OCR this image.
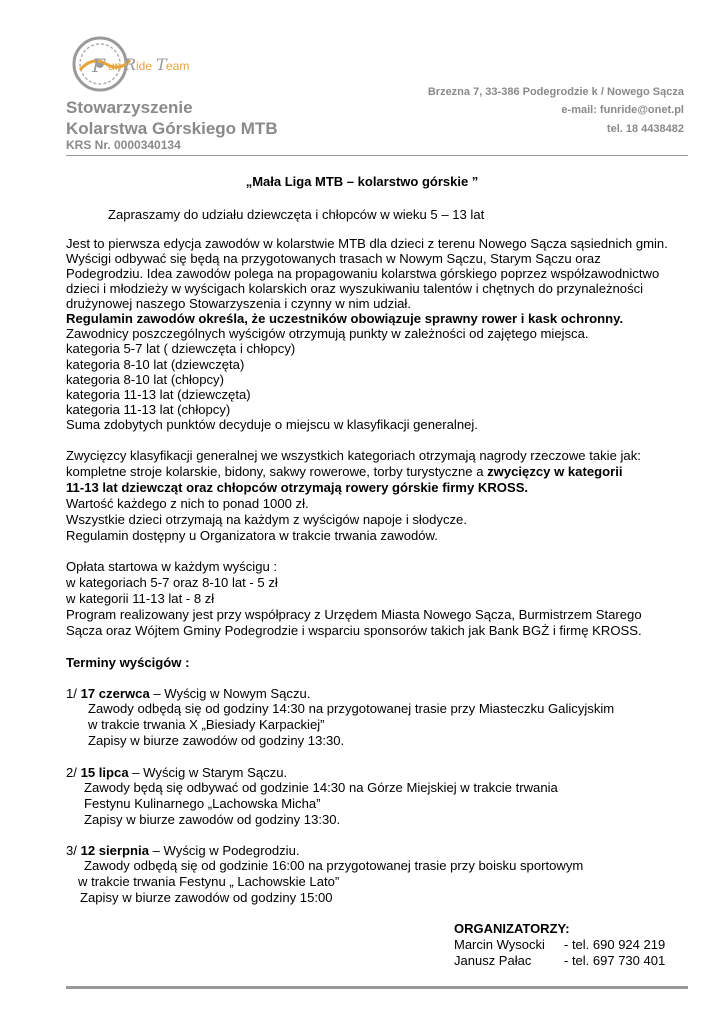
F un R ide T eam
Brzezna 7, 33-386 Podegrodzie k / Nowego Sącza
e-mail: funride@onet.pl
tel. 18 4438482
Stowarzyszenie
Kolarstwa Górskiego MTB
KRS Nr. 0000340134
„Mała Liga MTB – kolarstwo górskie ”
Zapraszamy do udziału dziewczęta i chłopców w wieku 5 – 13 lat
Jest to pierwsza edycja zawodów w kolarstwie MTB dla dzieci z terenu Nowego Sącza sąsiednich gmin.
Wyścigi odbywać się będą na przygotowanych trasach w Nowym Sączu, Starym Sączu oraz
Podegrodziu. Idea zawodów polega na propagowaniu kolarstwa górskiego poprzez współzawodnictwo
dzieci i młodzieży w wyścigach kolarskich oraz wyszukiwaniu talentów i chętnych do przynależności
drużynowej naszego Stowarzyszenia i czynny w nim udział.
Regulamin zawodów określa, że uczestników obowiązuje sprawny rower i kask ochronny.
Zawodnicy poszczególnych wyścigów otrzymują punkty w zależności od zajętego miejsca.
kategoria 5-7 lat ( dziewczęta i chłopcy)
kategoria 8-10 lat (dziewczęta)
kategoria 8-10 lat (chłopcy)
kategoria 11-13 lat (dziewczęta)
kategoria 11-13 lat (chłopcy)
Suma zdobytych punktów decyduje o miejscu w klasyfikacji generalnej.
Zwycięzcy klasyfikacji generalnej we wszystkich kategoriach otrzymają nagrody rzeczowe takie jak:
kompletne stroje kolarskie, bidony, sakwy rowerowe, torby turystyczne a zwycięzcy w kategorii
11-13 lat dziewcząt oraz chłopców otrzymają rowery górskie firmy KROSS.
Wartość każdego z nich to ponad 1000 zł.
Wszystkie dzieci otrzymają na każdym z wyścigów napoje i słodycze.
Regulamin dostępny u Organizatora w trakcie trwania zawodów.
Opłata startowa w każdym wyścigu :
w kategoriach 5-7 oraz 8-10 lat - 5 zł
w kategorii 11-13 lat - 8 zł
Program realizowany jest przy współpracy z Urzędem Miasta Nowego Sącza, Burmistrzem Starego
Sącza oraz Wójtem Gminy Podegrodzie i wsparciu sponsorów takich jak Bank BGŻ i firmę KROSS.
Terminy wyścigów :
1/ 17 czerwca – Wyścig w Nowym Sączu.
Zawody odbędą się od godziny 14:30 na przygotowanej trasie przy Miasteczku Galicyjskim
w trakcie trwania X „Biesiady Karpackiej”
Zapisy w biurze zawodów od godziny 13:30.
2/ 15 lipca – Wyścig w Starym Sączu.
Zawody będą się odbywać od godzinie 14:30 na Górze Miejskiej w trakcie trwania
Festynu Kulinarnego „Lachowska Micha”
Zapisy w biurze zawodów od godziny 13:30.
3/ 12 sierpnia – Wyścig w Podegrodziu.
Zawody odbędą się od godzinie 16:00 na przygotowanej trasie przy boisku sportowym
w trakcie trwania Festynu „ Lachowskie Lato”
Zapisy w biurze zawodów od godziny 15:00
ORGANIZATORZY:
Marcin Wysocki - tel. 690 924 219
Janusz Pałac	- tel. 697 730 401
